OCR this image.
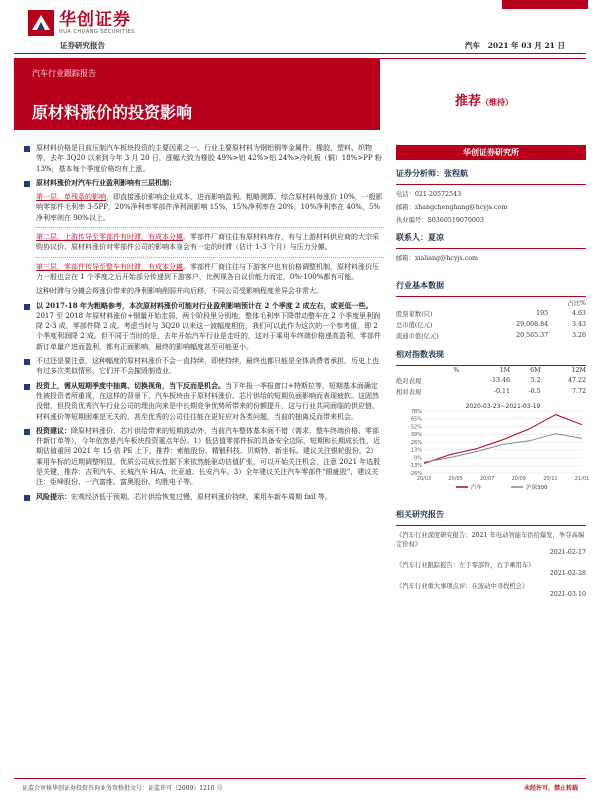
华创证券
HUA CHUANG SECURITIES
证券研究报告	汽车 2021 年 03 月 21 日
汽车行业跟踪报告
原材料涨价的投资影响
推荐（维持）
原材料价格是目前压制汽车板块投资的主要因素之一。行业主要原材料为钢铝铜等金属件、橡胶、塑料、织物等，去年 3Q20 以来到今年 3 月 20 日，涨幅大致为橡胶 49%>铝 42%>铝 24%>冷轧板（铜）18%>PP 粉 13%，基本每个季度价格均有上涨。
原材料涨价对汽车行业盈利影响有三层机制：
第一层，单残条的影响，即直接涨价影响企业成本，进而影响盈利。粗略测算，综合原材料每涨价 10%，一般影响零部件毛利率 3-5PP，20%净利率零部件净利润影响 15%，15%净利率在 20%，10%净利率在 40%，5%净利率则在 90%以上。
第二层，上游传导至零部件有时滞，有成本分摊。零部件厂商往往有原材料库存，有与上游材料供应商的大宗采购协议价，原材料涨价对零部件公司的影响本身会有一定的时滞（估计 1-3 个月）与压力分摊。
第三层，零部件传导至整车有时滞，有成本分摊。零部件厂商往往与下游客户也有价格调整机制，原材料涨价压力一般也会在 1 个季度之后开始部分传递到下游客户，比例视各自议价能力而定，0%-100%都有可能。
这种时滞与分摊会将涨价带来的净利影响削弱并向后移，不同公司受影响程度差异会非常大。
以 2017-18 年为粗略参考，本次原材料涨价可能对行业盈利影响预计在 2 个季度 2 成左右，或更低一些。2017 至 2018 年原材料涨价+钢量开始走弱，两个阶段里分别地，整体毛利率下降带动整车在 2 个季度里利润降 2-3 成，零部件降 2 成。考虑当时与 3Q20 以来这一波幅度相仿，我们可以此作为这次的一个参考值，即 2 个季度利润降 2 成。但不同于当时的是，去年开始汽车行业是走旺的，这对于乘用车终端价格递高盈利，零部件新订单量产进而盈利，都有正面影响，最终的影响幅度甚至可能更小。
不过还是要注意，这种幅度的原材料涨价不会一直持续，即使持续，最终也都只能是全体消费者承担，历史上也有过多次类似情形，它们并不会摧毁制造业。
投资上，需从短期季度中抽离、切换视角，当下反而是机会。当下年报一季报窗口+特斯拉等，短期基本面确定性被投资者所重视，在这样的背景下，汽车板块由于原材料涨价、芯片供给的短期负面影响而表现疲软。这固然没错，但投资优秀汽车行业公司的理由向来是中长期竞争优势所带来的份额提升，这与行业共同面临的供应链、材料涨价等短期困难是无关的，甚至优秀的公司往往能在更好应对各类问题，当前的抽离反而带来机会。
投资建议：除原材料涨价、芯片供给带来的短期波动外，当前汽车整体基本面不错（需求、整车终端价格、零部件新订单等），今年依然是汽车板块投资重点年份。1）低估值零部件标的具备安全边际，短期和长期成长性，近期估值重回 2021 年 15 倍 PE 上下，推荐：索能股份、精锻科技、贝斯特、新坐标。建议关注银轮股份。2）乘用车标的近期调整明显，优质公司成长性据下来依然能驱动估值扩张，可以开始关注机会，注意 2021 年选股是关键，推荐：吉利汽车、长城汽车 H/A、比亚迪、长安汽车。3）全年建议关注汽车零部件“眼疵股”，建议关注：炬峰股份、一汽富维、富奥股份、均胜电子等。
风险提示：宏观经济低于预期，芯片供给恢复过慢，原材料涨价持续，乘用车新车周期 fail 等。
华创证券研究所
证券分析师：张程航
电话：021-20572543
邮箱：zhangchenghang@hcyjs.com
执业编号：S0360519070003
联系人：夏凉
邮箱：xialiang@hcyjs.com
行业基本数据
		占比%
股票家数(只)	195	4.63
总市值(亿元)	29,008.84	3.43
流通市值(亿元)	20,565.37	3.26
相对指数表现
%	1M	6M	12M
绝对表现	-13.46	5.2	47.22
相对表现	-0.11	-0.5	7.72
2020-03-23~2021-03-19
78%
65%
52%
39%
26%
13%
0%
-13%
-26%
20/03	20/05	20/07	20/09	20/11	21/01
汽车	沪深300
相关研究报告
《汽车行业深度研究报告：2021 年电动智能车供给爆发，争夺高端定价权》
2021-02-17
《汽车行业跟踪报告：左手零部件，右手乘用车》
2021-02-28
《汽车行业重大事项点评：在波动中寻找机会》
2021-03-10
证监会审核华创证券投资咨询业务资格批文号：证监许可（2009）1210 号	未经许可，禁止转载
